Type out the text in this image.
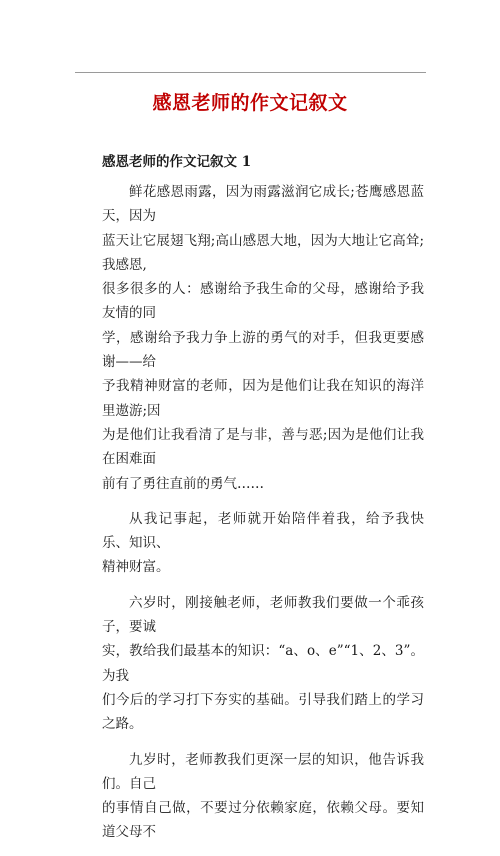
感恩老师的作文记叙文
感恩老师的作文记叙文 1

鲜花感恩雨露，因为雨露滋润它成长;苍鹰感恩蓝天，因为
蓝天让它展翅飞翔;高山感恩大地，因为大地让它高耸;我感恩,
很多很多的人：感谢给予我生命的父母，感谢给予我友情的同
学，感谢给予我力争上游的勇气的对手，但我更要感谢——给
予我精神财富的老师，因为是他们让我在知识的海洋里遨游;因
为是他们让我看清了是与非，善与恶;因为是他们让我在困难面
前有了勇往直前的勇气……

从我记事起，老师就开始陪伴着我，给予我快乐、知识、
精神财富。

六岁时，刚接触老师，老师教我们要做一个乖孩子，要诚
实，教给我们最基本的知识：“a、o、e”“1、2、3”。为我
们今后的学习打下夯实的基础。引导我们踏上的学习之路。

九岁时，老师教我们更深一层的知识，他告诉我们。自己
的事情自己做，不要过分依赖家庭，依赖父母。要知道父母不
